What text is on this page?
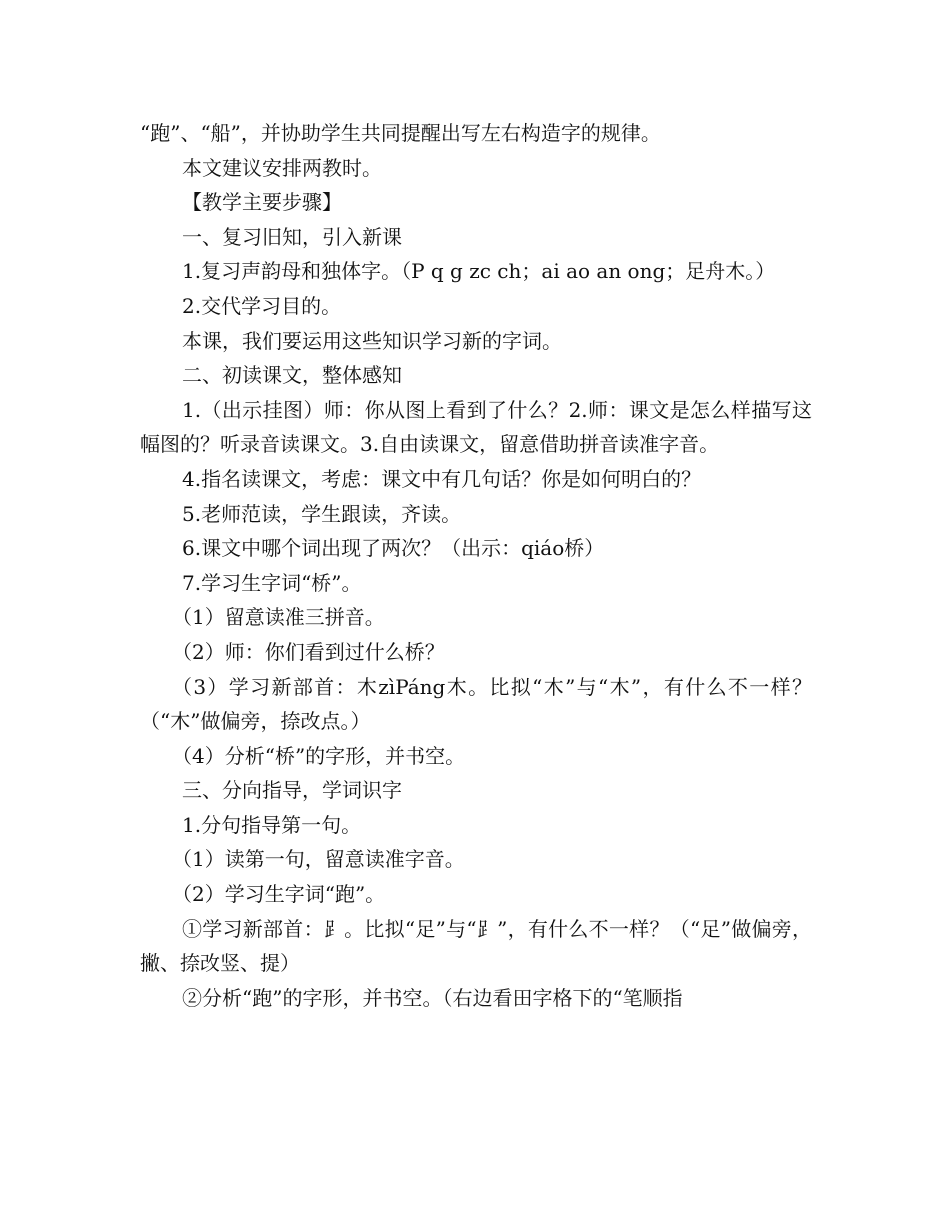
“跑”、“船”，并协助学生共同提醒出写左右构造字的规律。

本文建议安排两教时。

【教学主要步骤】

一、复习旧知，引入新课

1.复习声韵母和独体字。（P q g zc ch；ai ao an ong；足舟木。）

2.交代学习目的。

本课，我们要运用这些知识学习新的字词。

二、初读课文，整体感知

1.（出示挂图）师：你从图上看到了什么？2.师：课文是怎么样描写这幅图的？听录音读课文。3.自由读课文，留意借助拼音读准字音。

4.指名读课文，考虑：课文中有几句话？你是如何明白的？

5.老师范读，学生跟读，齐读。

6.课文中哪个词出现了两次？（出示：qiáo桥）

7.学习生字词“桥”。

（1）留意读准三拼音。

（2）师：你们看到过什么桥？

（3）学习新部首：木zìPáng木。比拟“木”与“木”，有什么不一样？（“木”做偏旁，捺改点。）

（4）分析“桥”的字形，并书空。

三、分向指导，学词识字

1.分句指导第一句。

（1）读第一句，留意读准字音。

（2）学习生字词“跑”。

①学习新部首：⻊。比拟“足”与“⻊”，有什么不一样？（“足”做偏旁，撇、捺改竖、提）

②分析“跑”的字形，并书空。（右边看田字格下的“笔顺指
